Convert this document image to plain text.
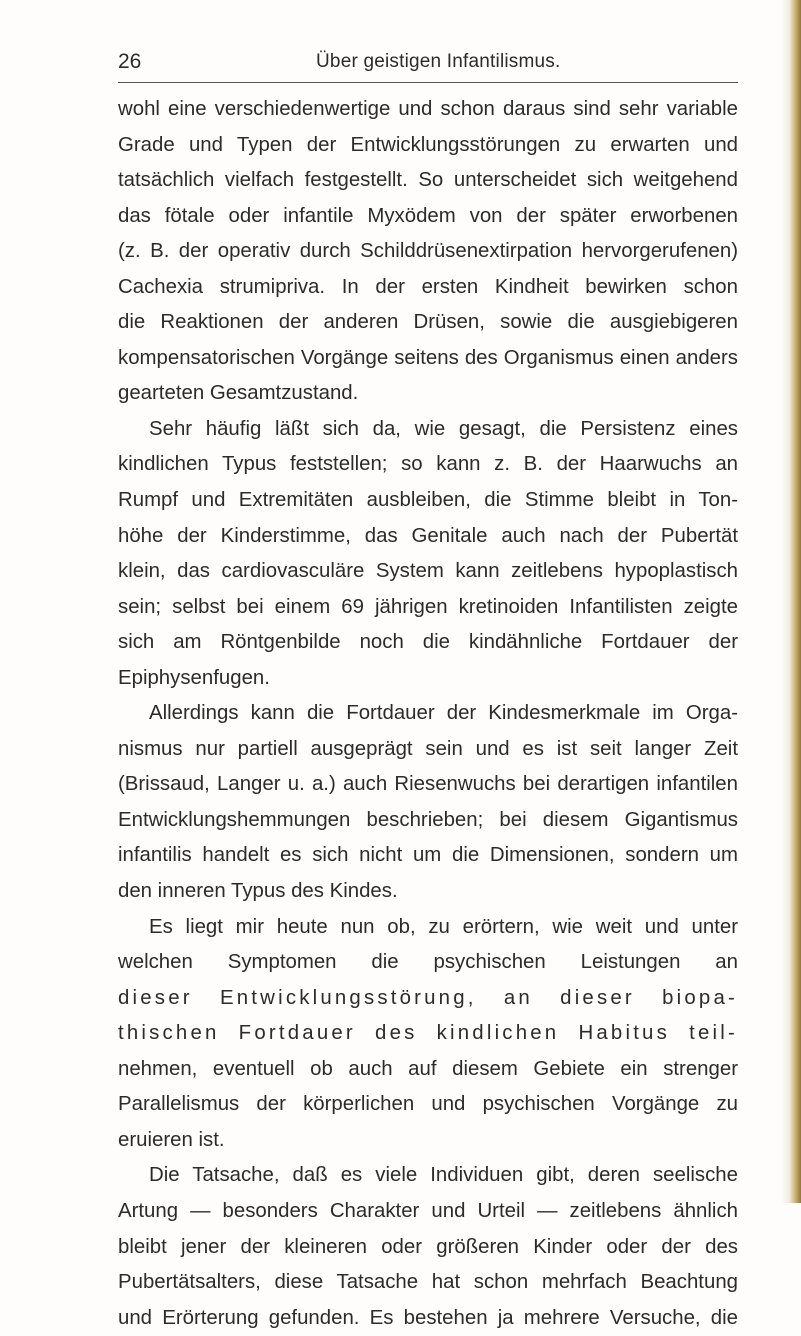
26	Über geistigen Infantilismus.
wohl eine verschiedenwertige und schon daraus sind sehr variable
Grade und Typen der Entwicklungsstörungen zu erwarten und
tatsächlich vielfach festgestellt. So unterscheidet sich weitgehend
das fötale oder infantile Myxödem von der später erworbenen
(z. B. der operativ durch Schilddrüsenextirpation hervorgerufenen)
Cachexia strumipriva. In der ersten Kindheit bewirken schon
die Reaktionen der anderen Drüsen, sowie die ausgiebigeren
kompensatorischen Vorgänge seitens des Organismus einen anders
gearteten Gesamtzustand.
Sehr häufig läßt sich da, wie gesagt, die Persistenz eines
kindlichen Typus feststellen; so kann z. B. der Haarwuchs an
Rumpf und Extremitäten ausbleiben, die Stimme bleibt in Ton-
höhe der Kinderstimme, das Genitale auch nach der Pubertät
klein, das cardiovasculäre System kann zeitlebens hypoplastisch
sein; selbst bei einem 69 jährigen kretinoiden Infantilisten zeigte
sich am Röntgenbilde noch die kindähnliche Fortdauer der
Epiphysenfugen.
Allerdings kann die Fortdauer der Kindesmerkmale im Orga-
nismus nur partiell ausgeprägt sein und es ist seit langer Zeit
(Brissaud, Langer u. a.) auch Riesenwuchs bei derartigen infantilen
Entwicklungshemmungen beschrieben; bei diesem Gigantismus
infantilis handelt es sich nicht um die Dimensionen, sondern um
den inneren Typus des Kindes.
Es liegt mir heute nun ob, zu erörtern, wie weit und unter
welchen Symptomen die psychischen Leistungen an
dieser Entwicklungsstörung, an dieser biopa-
thischen Fortdauer des kindlichen Habitus teil-
nehmen, eventuell ob auch auf diesem Gebiete ein strenger
Parallelismus der körperlichen und psychischen Vorgänge zu
eruieren ist.
Die Tatsache, daß es viele Individuen gibt, deren seelische
Artung — besonders Charakter und Urteil — zeitlebens ähnlich
bleibt jener der kleineren oder größeren Kinder oder der des
Pubertätsalters, diese Tatsache hat schon mehrfach Beachtung
und Erörterung gefunden. Es bestehen ja mehrere Versuche, die
